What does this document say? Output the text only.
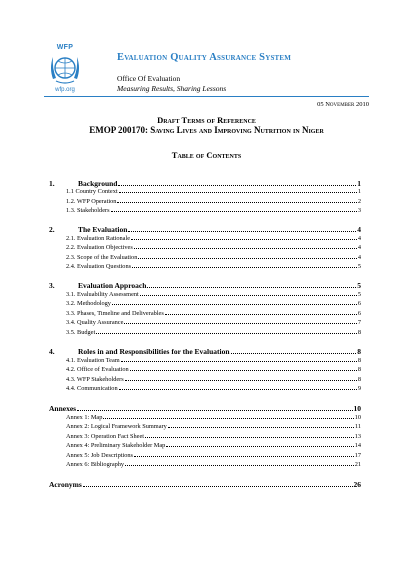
WFP
wfp.org
Evaluation Quality Assurance System
Office Of Evaluation
Measuring Results, Sharing Lessons
05 November 2010
Draft Terms of Reference
EMOP 200170: Saving Lives and Improving Nutrition in Niger
Table of Contents
1.	Background	1
1.1 Country Context	1
1.2. WFP Operation	2
1.3. Stakeholders	3
2.	The Evaluation	4
2.1. Evaluation Rationale	4
2.2. Evaluation Objectives	4
2.3. Scope of the Evaluation	4
2.4. Evaluation Questions	5
3.	Evaluation Approach	5
3.1. Evaluability Assessment	5
3.2. Methodology	6
3.3. Phases, Timeline and Deliverables	6
3.4. Quality Assurance	7
3.5. Budget	8
4.	Roles in and Responsibilities for the Evaluation	8
4.1. Evaluation Team	8
4.2. Office of Evaluation	8
4.3. WFP Stakeholders	8
4.4. Communication	9
Annexes	10
Annex 1: Map	10
Annex 2: Logical Framework Summary	11
Annex 3: Operation Fact Sheet	13
Annex 4: Preliminary Stakeholder Map	14
Annex 5: Job Descriptions	17
Annex 6: Bibliography	21
Acronyms	26
